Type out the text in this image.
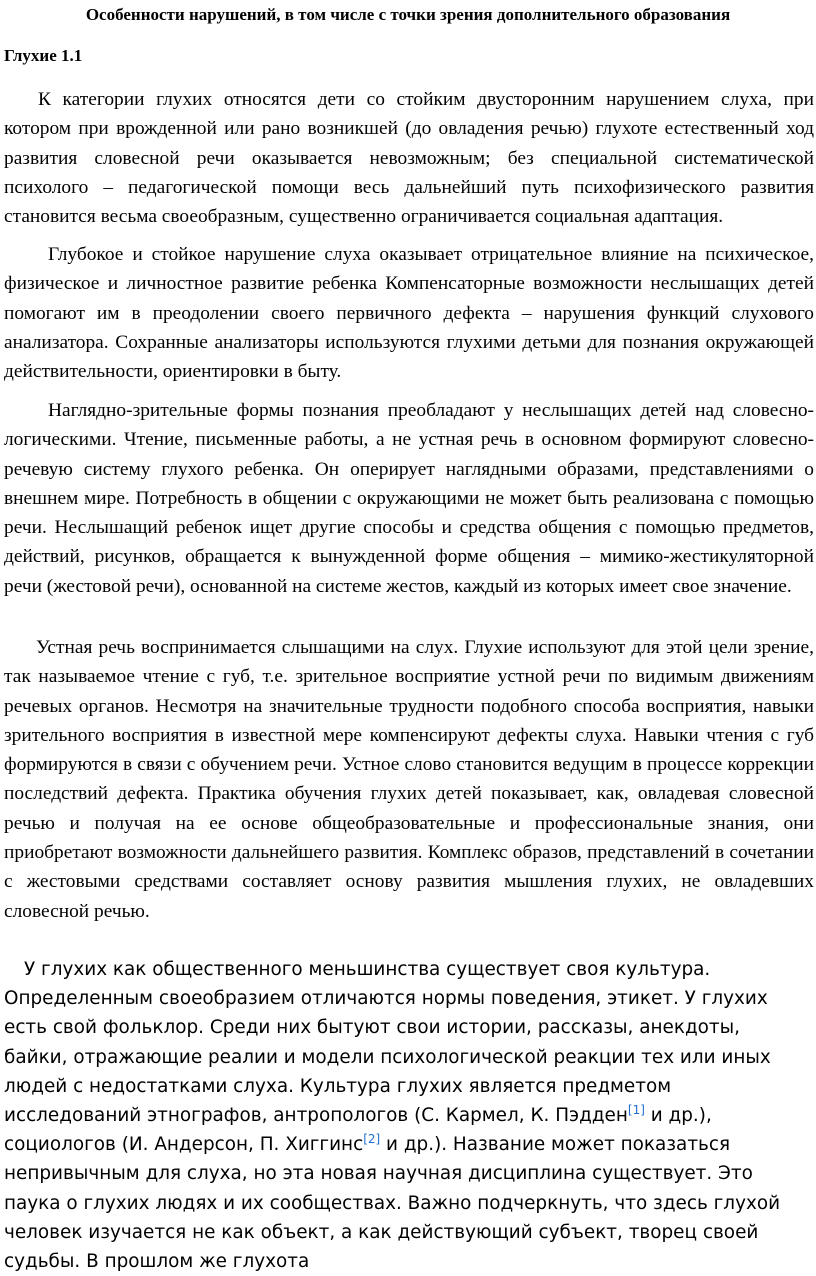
Особенности нарушений, в том числе с точки зрения дополнительного образования
Глухие 1.1

К категории глухих относятся дети со стойким двусторонним нарушением слуха, при котором при врожденной или рано возникшей (до овладения речью) глухоте естественный ход развития словесной речи оказывается невозможным; без специальной систематической психолого – педагогической помощи весь дальнейший путь психофизического развития становится весьма своеобразным, существенно ограничивается социальная адаптация.

Глубокое и стойкое нарушение слуха оказывает отрицательное влияние на психическое, физическое и личностное развитие ребенка Компенсаторные возможности неслышащих детей помогают им в преодолении своего первичного дефекта – нарушения функций слухового анализатора. Сохранные анализаторы используются глухими детьми для познания окружающей действительности, ориентировки в быту.

Наглядно-зрительные формы познания преобладают у неслышащих детей над словесно-логическими. Чтение, письменные работы, а не устная речь в основном формируют словесно-речевую систему глухого ребенка. Он оперирует наглядными образами, представлениями о внешнем мире. Потребность в общении с окружающими не может быть реализована с помощью речи. Неслышащий ребенок ищет другие способы и средства общения с помощью предметов, действий, рисунков, обращается к вынужденной форме общения – мимико-жестикуляторной речи (жестовой речи), основанной на системе жестов, каждый из которых имеет свое значение.

Устная речь воспринимается слышащими на слух. Глухие используют для этой цели зрение, так называемое чтение с губ, т.е. зрительное восприятие устной речи по видимым движениям речевых органов. Несмотря на значительные трудности подобного способа восприятия, навыки зрительного восприятия в известной мере компенсируют дефекты слуха. Навыки чтения с губ формируются в связи с обучением речи. Устное слово становится ведущим в процессе коррекции последствий дефекта. Практика обучения глухих детей показывает, как, овладевая словесной речью и получая на ее основе общеобразовательные и профессиональные знания, они приобретают возможности дальнейшего развития. Комплекс образов, представлений в сочетании с жестовыми средствами составляет основу развития мышления глухих, не овладевших словесной речью.

У глухих как общественного меньшинства существует своя культура. Определенным своеобразием отличаются нормы поведения, этикет. У глухих есть свой фольклор. Среди них бытуют свои истории, рассказы, анекдоты, байки, отражающие реалии и модели психологической реакции тех или иных людей с недостатками слуха. Культура глухих является предметом исследований этнографов, антропологов (С. Кармел, К. Пэдден[1] и др.), социологов (И. Андерсон, П. Хиггинс[2] и др.). Название может показаться непривычным для слуха, но эта новая научная дисциплина существует. Это паука о глухих людях и их сообществах. Важно подчеркнуть, что здесь глухой человек изучается не как объект, а как действующий субъект, творец своей судьбы. В прошлом же глухота
